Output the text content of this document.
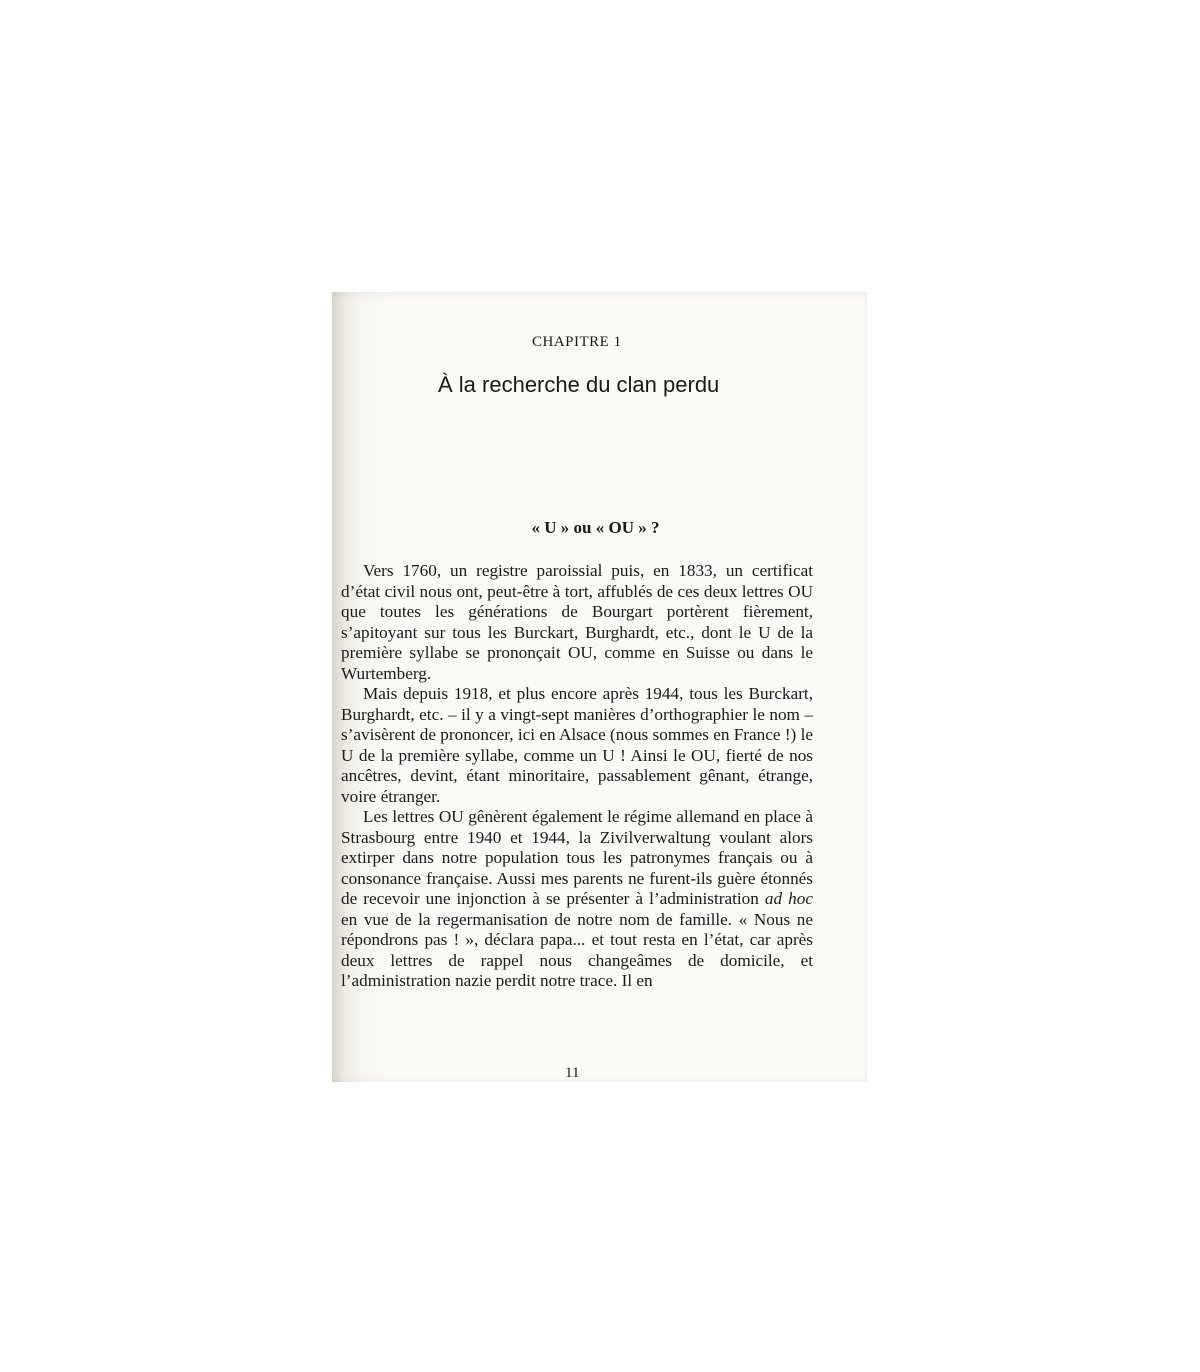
CHAPITRE 1
À la recherche du clan perdu
« U » ou « OU » ?

Vers 1760, un registre paroissial puis, en 1833, un certificat d’état civil nous ont, peut-être à tort, affublés de ces deux lettres OU que toutes les générations de Bourgart portèrent fièrement, s’apitoyant sur tous les Burckart, Burghardt, etc., dont le U de la première syllabe se prononçait OU, comme en Suisse ou dans le Wurtemberg.

Mais depuis 1918, et plus encore après 1944, tous les Burckart, Burghardt, etc. – il y a vingt-sept manières d’orthographier le nom – s’avisèrent de prononcer, ici en Alsace (nous sommes en France !) le U de la première syllabe, comme un U ! Ainsi le OU, fierté de nos ancêtres, devint, étant minoritaire, passablement gênant, étrange, voire étranger.

Les lettres OU gênèrent également le régime allemand en place à Strasbourg entre 1940 et 1944, la Zivilverwaltung voulant alors extirper dans notre population tous les patronymes français ou à consonance française. Aussi mes parents ne furent-ils guère étonnés de recevoir une injonction à se présenter à l’administration ad hoc en vue de la regermanisation de notre nom de famille. « Nous ne répondrons pas ! », déclara papa... et tout resta en l’état, car après deux lettres de rappel nous changeâmes de domicile, et l’administration nazie perdit notre trace. Il en

11
